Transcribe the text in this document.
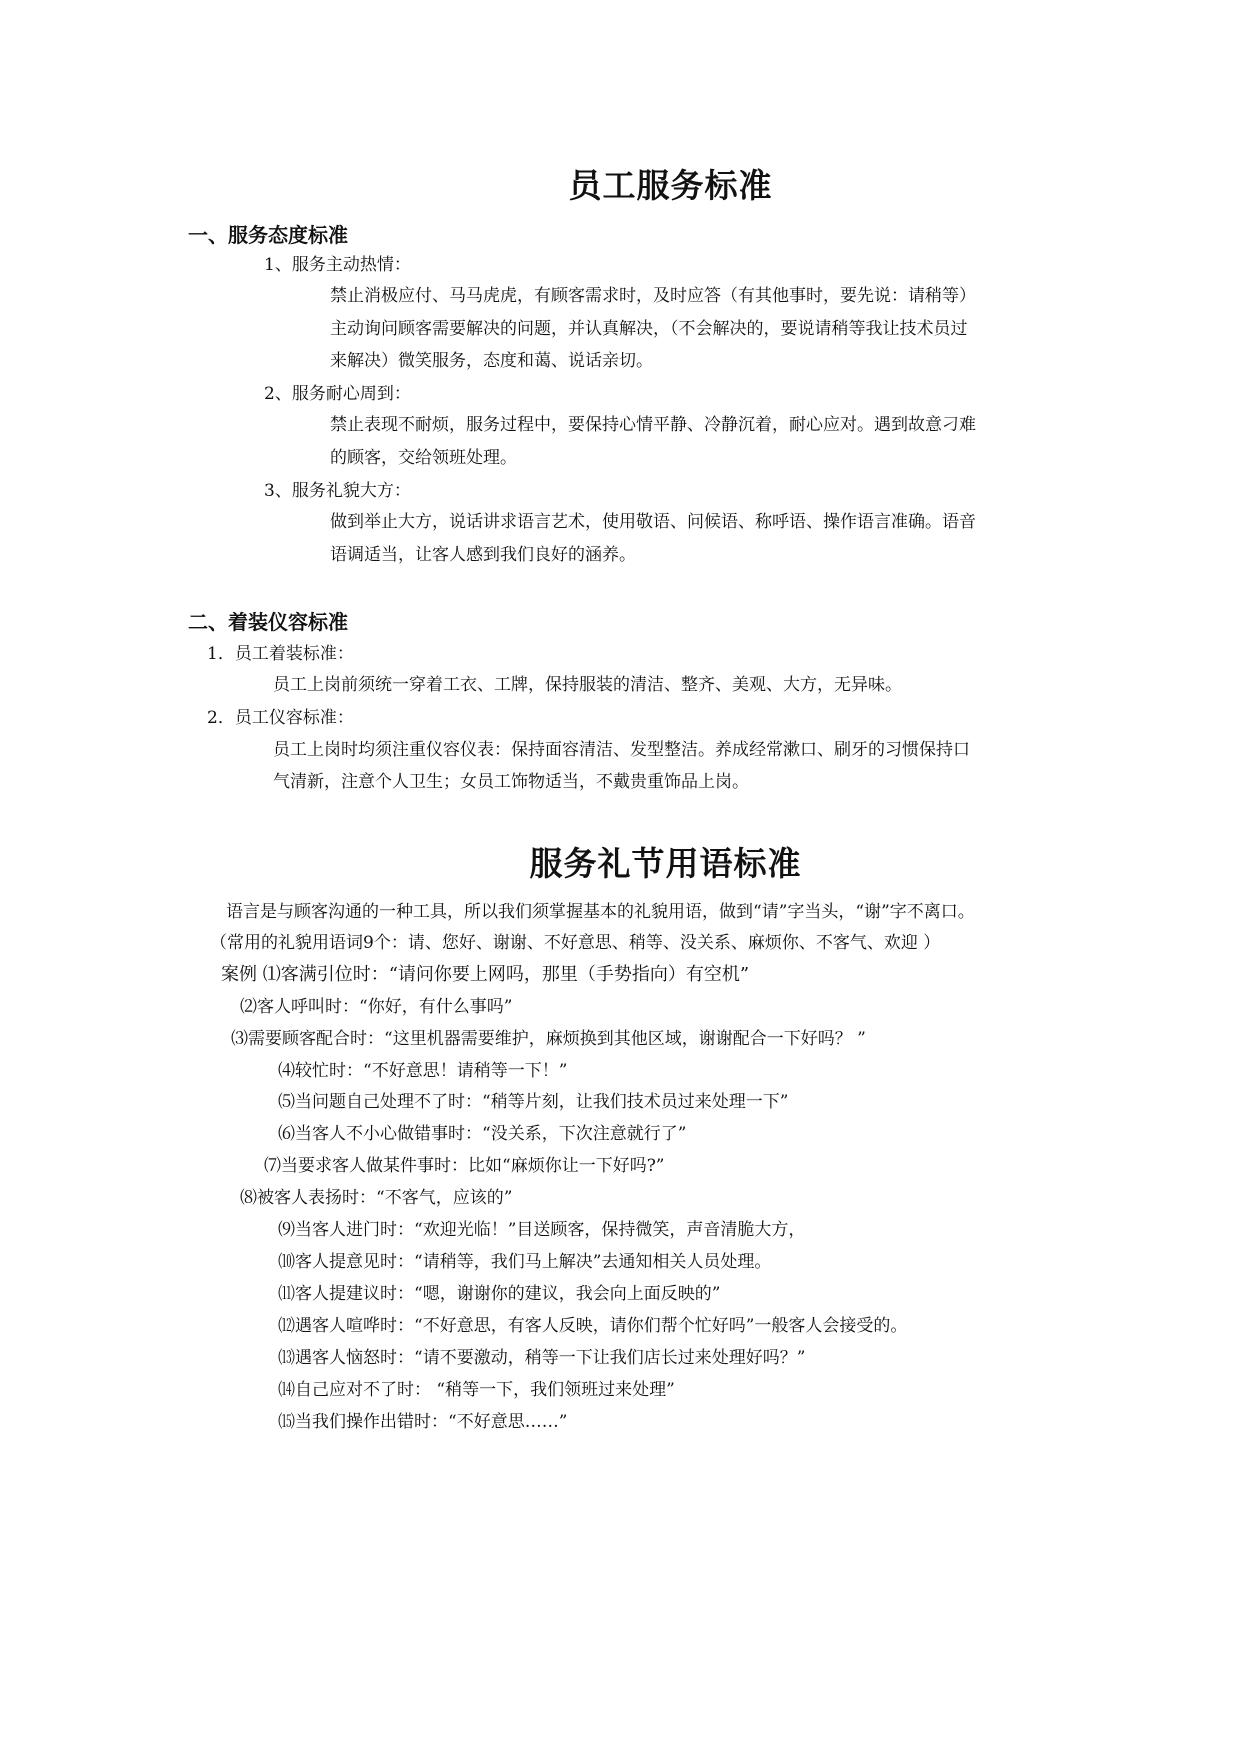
员工服务标准
一、服务态度标准
1、服务主动热情：
禁止消极应付、马马虎虎，有顾客需求时，及时应答（有其他事时，要先说：请稍等）
主动询问顾客需要解决的问题，并认真解决，（不会解决的，要说请稍等我让技术员过
来解决）微笑服务，态度和蔼、说话亲切。
2、服务耐心周到：
禁止表现不耐烦，服务过程中，要保持心情平静、冷静沉着，耐心应对。遇到故意刁难
的顾客，交给领班处理。
3、服务礼貌大方：
做到举止大方，说话讲求语言艺术，使用敬语、问候语、称呼语、操作语言准确。语音
语调适当，让客人感到我们良好的涵养。
二、着装仪容标准
1．员工着装标准：
员工上岗前须统一穿着工衣、工牌，保持服装的清洁、整齐、美观、大方，无异味。
2．员工仪容标准：
员工上岗时均须注重仪容仪表：保持面容清洁、发型整洁。养成经常漱口、刷牙的习惯保持口
气清新，注意个人卫生；女员工饰物适当，不戴贵重饰品上岗。
服务礼节用语标准
语言是与顾客沟通的一种工具，所以我们须掌握基本的礼貌用语，做到“请”字当头，“谢”字不离口。
（常用的礼貌用语词9个：请、您好、谢谢、不好意思、稍等、没关系、麻烦你、不客气、欢迎 ）
案例 ⑴客满引位时：“请问你要上网吗，那里（手势指向）有空机”
⑵客人呼叫时：“你好，有什么事吗”
⑶需要顾客配合时：“这里机器需要维护，麻烦换到其他区域，谢谢配合一下好吗？ ”
⑷较忙时：“不好意思！请稍等一下！”
⑸当问题自己处理不了时：“稍等片刻，让我们技术员过来处理一下”
⑹当客人不小心做错事时：“没关系，下次注意就行了”
⑺当要求客人做某件事时：比如“麻烦你让一下好吗?”
⑻被客人表扬时：“不客气，应该的”
⑼当客人进门时：“欢迎光临！”目送顾客，保持微笑，声音清脆大方，
⑽客人提意见时：“请稍等，我们马上解决”去通知相关人员处理。
⑾客人提建议时：“嗯，谢谢你的建议，我会向上面反映的”
⑿遇客人喧哗时：“不好意思，有客人反映，请你们帮个忙好吗”一般客人会接受的。
⒀遇客人恼怒时：“请不要激动，稍等一下让我们店长过来处理好吗？”
⒁自己应对不了时： “稍等一下，我们领班过来处理”
⒂当我们操作出错时：“不好意思……”
